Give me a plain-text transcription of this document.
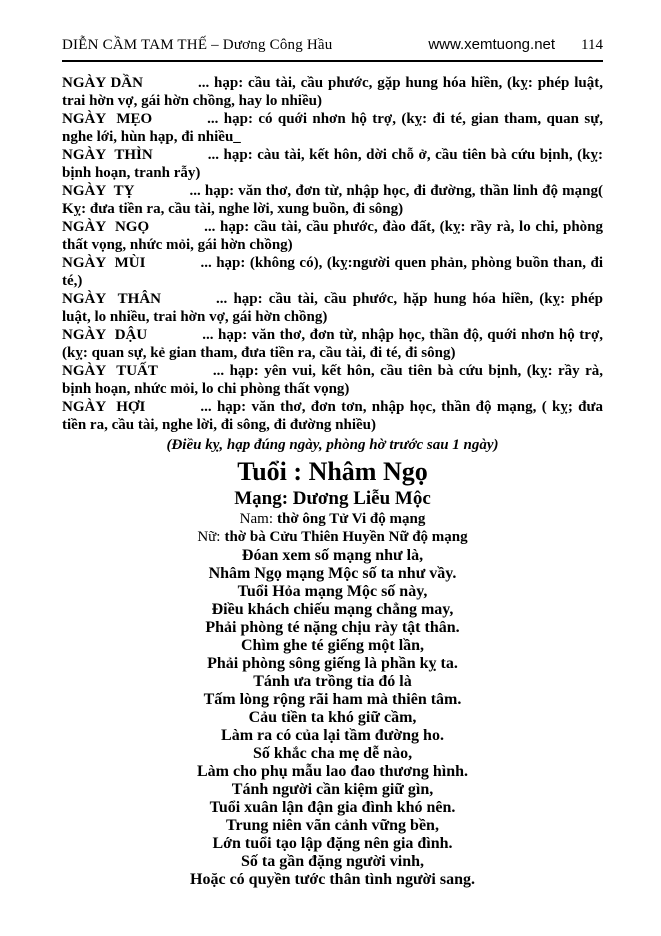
DIỄN CẦM TAM THẾ – Dương Công Hầu	www.xemtuong.net 114

NGÀY DẦN	... hạp: cầu tài, cầu phước, gặp hung hóa hiền, (kỵ: phép luật, trai hờn vợ, gái hờn chồng, hay lo nhiều)

NGÀY  MẸO	... hạp: có quới nhơn hộ trợ, (kỵ: đi té, gian tham, quan sự, nghe lới, hùn hạp, đi nhiều_

NGÀY  THÌN	... hạp: càu tài, kết hôn, dời chỗ ở, cầu tiên bà cứu bịnh, (kỵ: bịnh hoạn, tranh rẫy)

NGÀY  TỴ	... hạp: văn thơ, đơn từ, nhập học, đi đường, thần linh độ mạng( Kỵ: đưa tiền ra, cầu tài, nghe lời, xung buồn, đi sông)

NGÀY  NGỌ	... hạp: cầu tài, cầu phước, đào đất, (kỵ: rầy rà, lo chi, phòng thất vọng, nhức mỏi, gái hờn chồng)

NGÀY  MÙI	... hạp: (không có), (kỵ:người quen phản, phòng buồn than, đi té,)

NGÀY  THÂN	... hạp: cầu tài, cầu phước, hặp hung hóa hiền, (kỵ: phép luật, lo nhiều, trai hờn vợ, gái hờn chồng)

NGÀY  DẬU	... hạp: văn thơ, đơn từ, nhập học, thần độ, quới nhơn hộ trợ, (kỵ: quan sự, kẻ gian tham, đưa tiền ra, cầu tài, đi té, đi sông)

NGÀY  TUẤT	... hạp: yên vui, kết hôn, cầu tiên bà cứu bịnh, (kỵ: rầy rà, bịnh hoạn, nhức mỏi, lo chi phòng thất vọng)

NGÀY  HỢI	... hạp: văn thơ, đơn tơn, nhập học, thần độ mạng, ( kỵ; đưa tiền ra, cầu tài, nghe lời, đi sông, đi đường nhiều)

(Điều kỵ, hạp đúng ngày, phòng hờ trước sau 1 ngày)
Tuổi : Nhâm Ngọ
Mạng: Dương Liễu Mộc
Nam: thờ ông Tử Vi độ mạng
Nữ: thờ bà Cửu Thiên Huyền Nữ độ mạng
Đóan xem số mạng như là,
Nhâm Ngọ mạng Mộc số ta như vầy.
Tuổi Hỏa mạng Mộc số này,
Điều khách chiếu mạng chẳng may,
Phải phòng té nặng chịu rày tật thân.
Chìm ghe té giếng một lần,
Phải phòng sông giếng là phần kỵ ta.
Tánh ưa trồng tỉa đó là
Tấm lòng rộng rãi ham mà thiên tâm.
Cảu tiền ta khó giữ cầm,
Làm ra có của lại tầm đường ho.
Số khắc cha mẹ dễ nào,
Làm cho phụ mẫu lao đao thương hình.
Tánh người cần kiệm giữ gìn,
Tuổi xuân lận đận gia đình khó nên.
Trung niên vãn cảnh vững bền,
Lớn tuổi tạo lập đặng nên gia đình.
Số ta gần đặng người vinh,
Hoặc có quyền tước thân tình người sang.
